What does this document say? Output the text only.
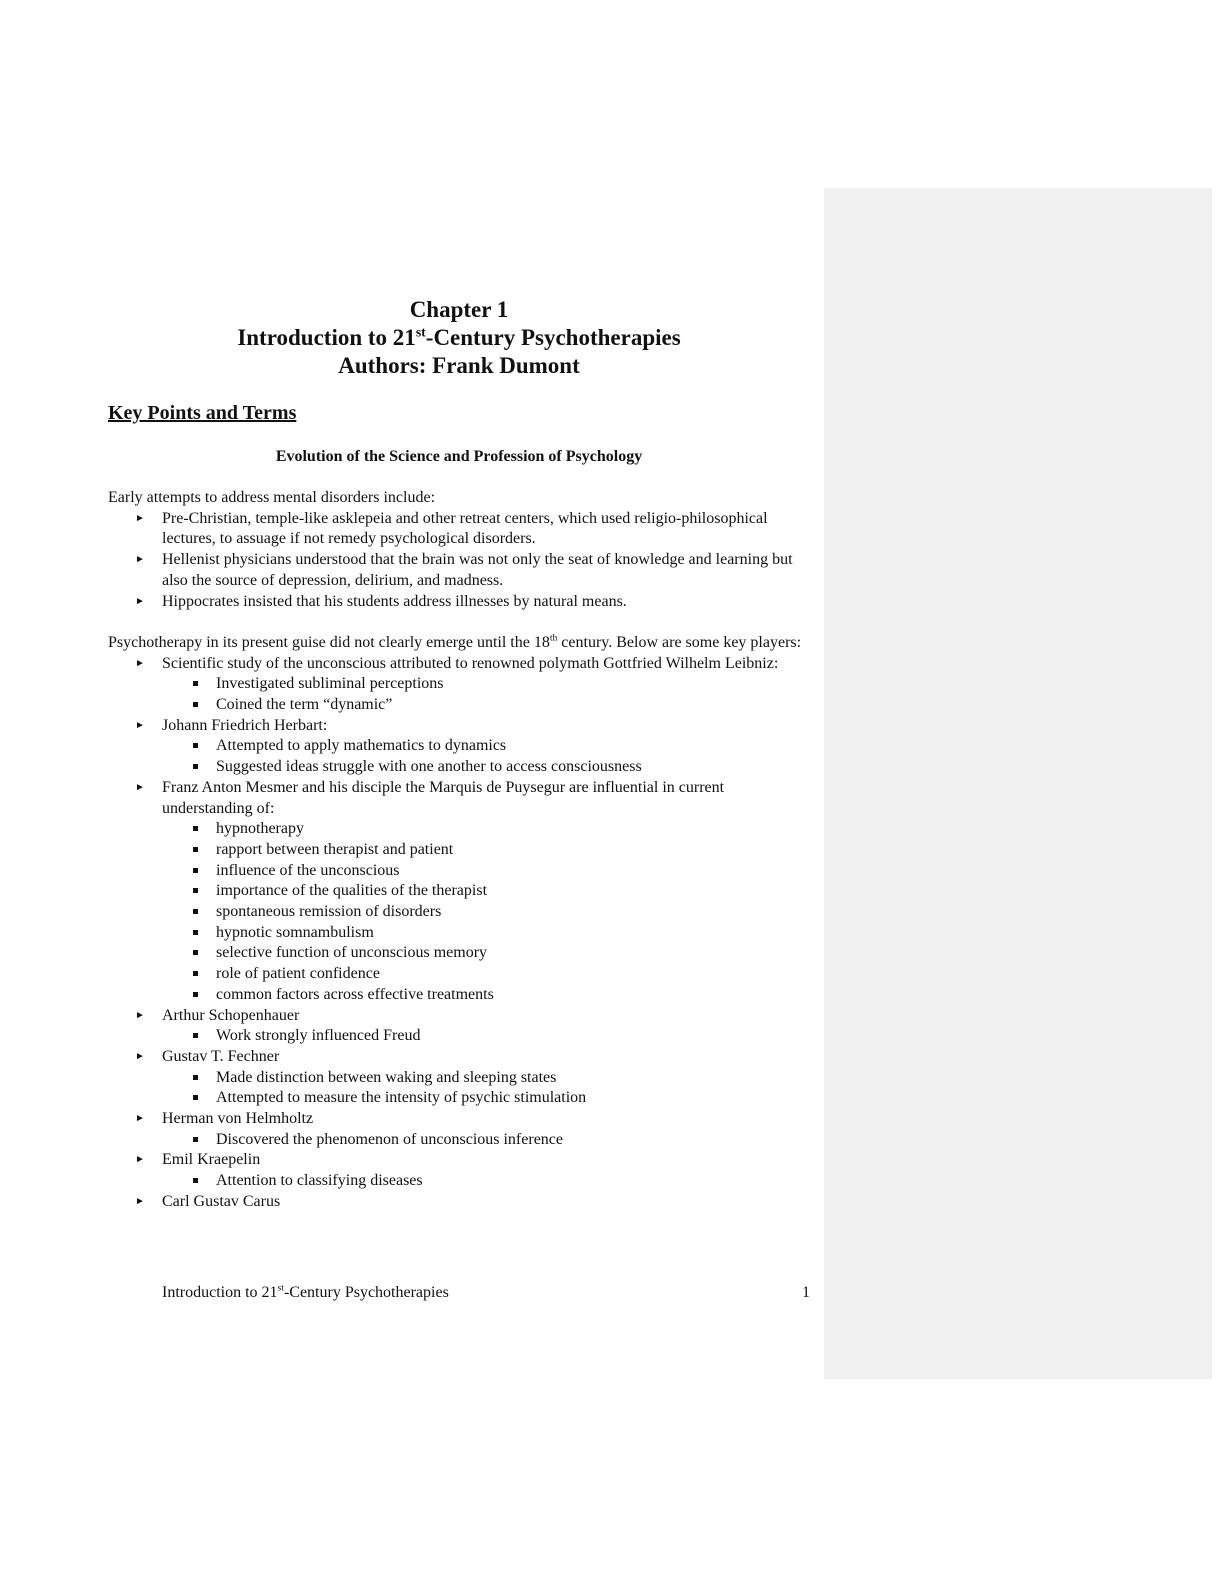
Chapter 1
Introduction to 21st-Century Psychotherapies
Authors: Frank Dumont
Key Points and Terms
Evolution of the Science and Profession of Psychology

Early attempts to address mental disorders include:

► Pre-Christian, temple-like asklepeia and other retreat centers, which used religio-philosophical lectures, to assuage if not remedy psychological disorders.
► Hellenist physicians understood that the brain was not only the seat of knowledge and learning but also the source of depression, delirium, and madness.
► Hippocrates insisted that his students address illnesses by natural means.

Psychotherapy in its present guise did not clearly emerge until the 18th century. Below are some key players:

► Scientific study of the unconscious attributed to renowned polymath Gottfried Wilhelm Leibniz:
Investigated subliminal perceptions
Coined the term “dynamic”
► Johann Friedrich Herbart:
Attempted to apply mathematics to dynamics
Suggested ideas struggle with one another to access consciousness
► Franz Anton Mesmer and his disciple the Marquis de Puysegur are influential in current understanding of:
hypnotherapy
rapport between therapist and patient
influence of the unconscious
importance of the qualities of the therapist
spontaneous remission of disorders
hypnotic somnambulism
selective function of unconscious memory
role of patient confidence
common factors across effective treatments
► Arthur Schopenhauer
Work strongly influenced Freud
► Gustav T. Fechner
Made distinction between waking and sleeping states
Attempted to measure the intensity of psychic stimulation
► Herman von Helmholtz
Discovered the phenomenon of unconscious inference
► Emil Kraepelin
Attention to classifying diseases
► Carl Gustav Carus
Introduction to 21st-Century Psychotherapies	1
